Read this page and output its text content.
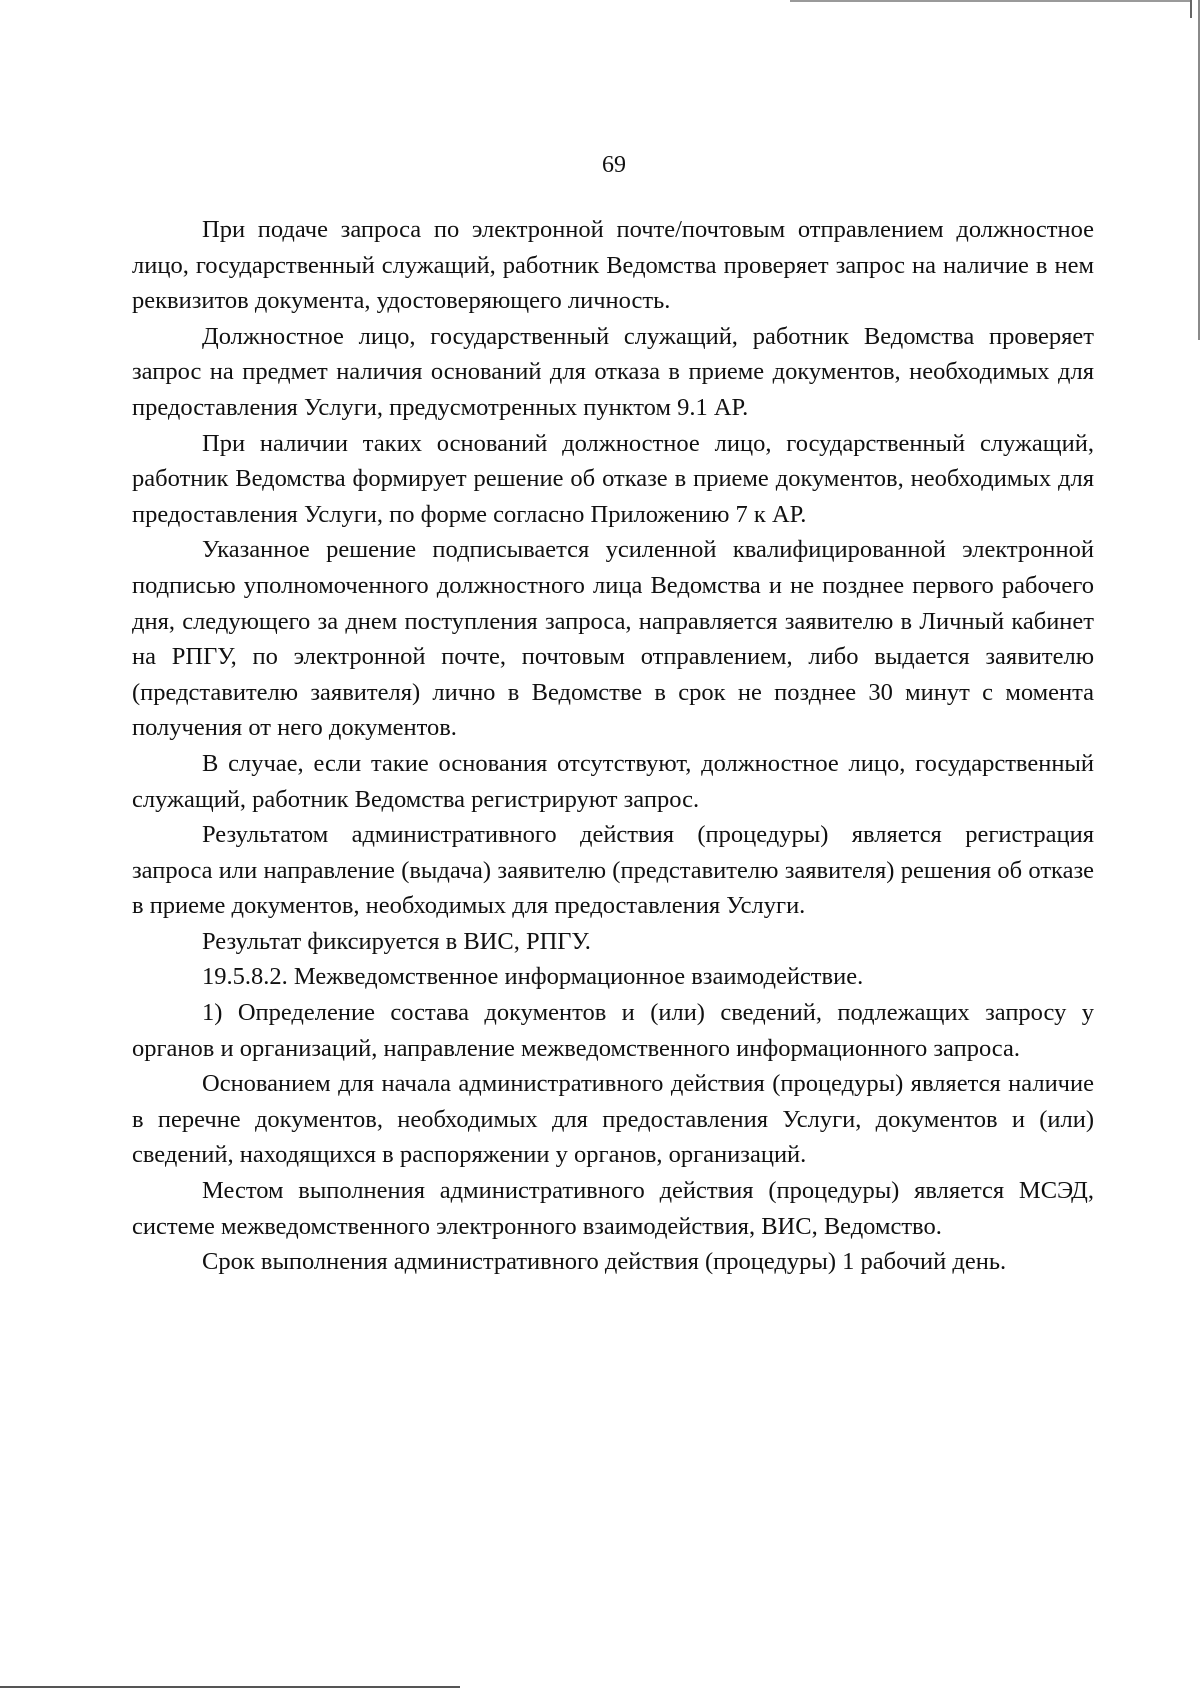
69

При подаче запроса по электронной почте/почтовым отправлением должностное лицо, государственный служащий, работник Ведомства проверяет запрос на наличие в нем реквизитов документа, удостоверяющего личность.

Должностное лицо, государственный служащий, работник Ведомства проверяет запрос на предмет наличия оснований для отказа в приеме документов, необходимых для предоставления Услуги, предусмотренных пунктом 9.1 АР.

При наличии таких оснований должностное лицо, государственный служащий, работник Ведомства формирует решение об отказе в приеме документов, необходимых для предоставления Услуги, по форме согласно Приложению 7 к АР.

Указанное решение подписывается усиленной квалифицированной электронной подписью уполномоченного должностного лица Ведомства и не позднее первого рабочего дня, следующего за днем поступления запроса, направляется заявителю в Личный кабинет на РПГУ, по электронной почте, почтовым отправлением, либо выдается заявителю (представителю заявителя) лично в Ведомстве в срок не позднее 30 минут с момента получения от него документов.

В случае, если такие основания отсутствуют, должностное лицо, государственный служащий, работник Ведомства регистрируют запрос.

Результатом административного действия (процедуры) является регистрация запроса или направление (выдача) заявителю (представителю заявителя) решения об отказе в приеме документов, необходимых для предоставления Услуги.

Результат фиксируется в ВИС, РПГУ.

19.5.8.2. Межведомственное информационное взаимодействие.

1) Определение состава документов и (или) сведений, подлежащих запросу у органов и организаций, направление межведомственного информационного запроса.

Основанием для начала административного действия (процедуры) является наличие в перечне документов, необходимых для предоставления Услуги, документов и (или) сведений, находящихся в распоряжении у органов, организаций.

Местом выполнения административного действия (процедуры) является МСЭД, системе межведомственного электронного взаимодействия, ВИС, Ведомство.

Срок выполнения административного действия (процедуры) 1 рабочий день.
